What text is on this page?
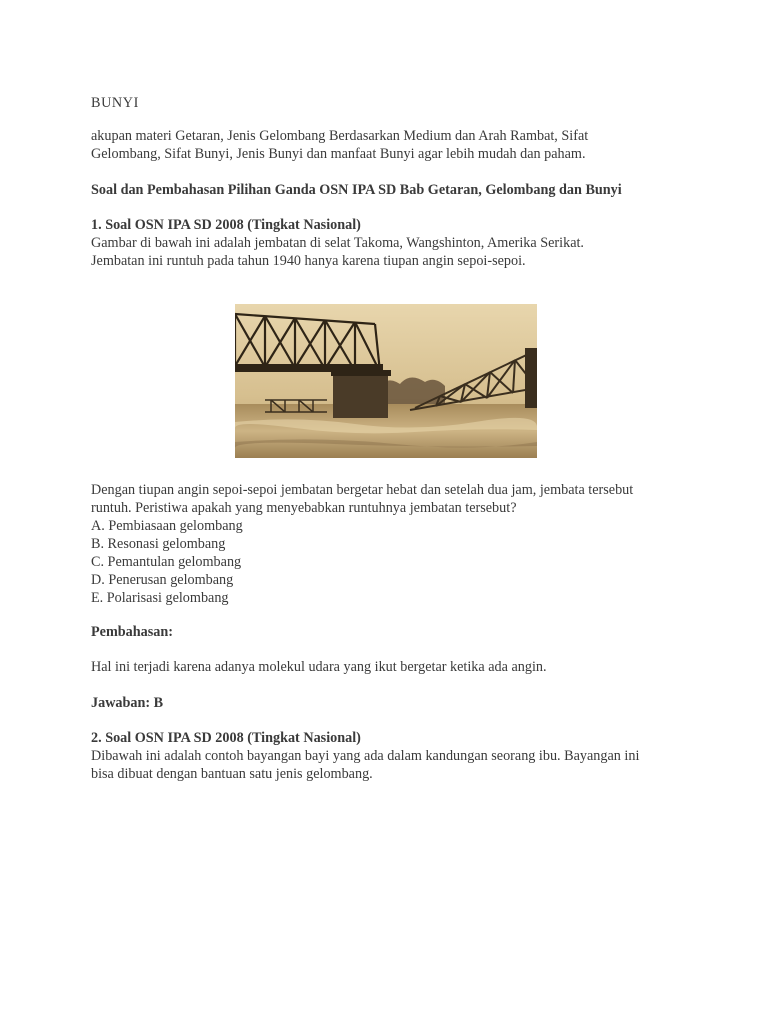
BUNYI

akupan materi Getaran, Jenis Gelombang Berdasarkan Medium dan Arah Rambat, Sifat
Gelombang, Sifat Bunyi, Jenis Bunyi dan manfaat Bunyi agar lebih mudah dan paham.

Soal dan Pembahasan Pilihan Ganda OSN IPA SD Bab Getaran, Gelombang dan Bunyi

1. Soal OSN IPA SD 2008 (Tingkat Nasional)

Gambar di bawah ini adalah jembatan di selat Takoma, Wangshinton, Amerika Serikat.
Jembatan ini runtuh pada tahun 1940 hanya karena tiupan angin sepoi-sepoi.
Dengan tiupan angin sepoi-sepoi jembatan bergetar hebat dan setelah dua jam, jembata tersebut
runtuh. Peristiwa apakah yang menyebabkan runtuhnya jembatan tersebut?
A. Pembiasaan gelombang
B. Resonasi gelombang
C. Pemantulan gelombang
D. Penerusan gelombang
E. Polarisasi gelombang

Pembahasan:

Hal ini terjadi karena adanya molekul udara yang ikut bergetar ketika ada angin.

Jawaban: B

2. Soal OSN IPA SD 2008 (Tingkat Nasional)

Dibawah ini adalah contoh bayangan bayi yang ada dalam kandungan seorang ibu. Bayangan ini
bisa dibuat dengan bantuan satu jenis gelombang.
